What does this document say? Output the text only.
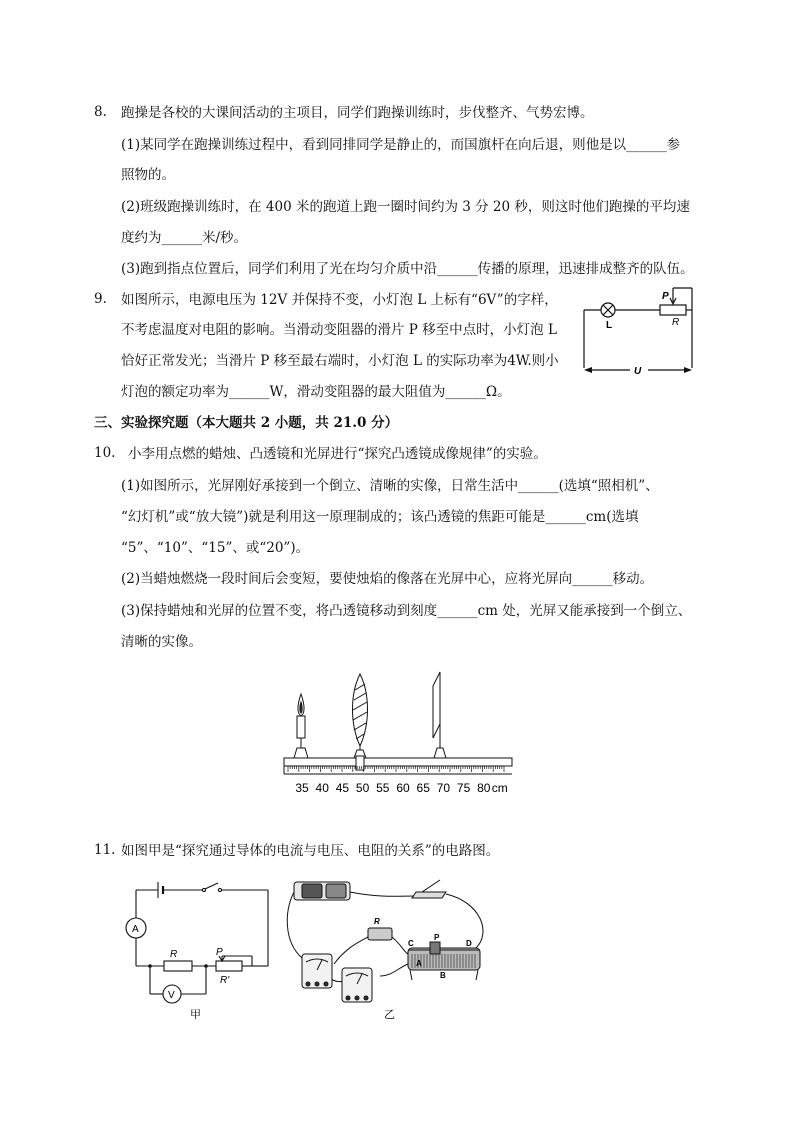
8. 跑操是各校的大课间活动的主项目，同学们跑操训练时，步伐整齐、气势宏博。
(1)某同学在跑操训练过程中，看到同排同学是静止的，而国旗杆在向后退，则他是以______参
照物的。
(2)班级跑操训练时，在 400 米的跑道上跑一圈时间约为 3 分 20 秒，则这时他们跑操的平均速
度约为______米/秒。
(3)跑到指点位置后，同学们利用了光在均匀介质中沿______传播的原理，迅速排成整齐的队伍。
9. 如图所示，电源电压为 12V 并保持不变，小灯泡 L 上标有“6V”的字样，
不考虑温度对电阻的影响。当滑动变阻器的滑片 P 移至中点时，小灯泡 L
恰好正常发光；当滑片 P 移至最右端时，小灯泡 L 的实际功率为4W.则小
灯泡的额定功率为______W，滑动变阻器的最大阻值为______Ω。
P
R
L
U
三、实验探究题（本大题共 2 小题，共 21.0 分）
10. 小李用点燃的蜡烛、凸透镜和光屏进行“探究凸透镜成像规律”的实验。
(1)如图所示，光屏刚好承接到一个倒立、清晰的实像，日常生活中______(选填“照相机”、
“幻灯机”或“放大镜”)就是利用这一原理制成的；该凸透镜的焦距可能是______cm(选填
“5”、“10”、“15”、或“20”)。
(2)当蜡烛燃烧一段时间后会变短，要使烛焰的像落在光屏中心，应将光屏向______移动。
(3)保持蜡烛和光屏的位置不变，将凸透镜移动到刻度______cm 处，光屏又能承接到一个倒立、
清晰的实像。
35 40 45 50 55 60 65 70 75 80 cm
11. 如图甲是“探究通过导体的电流与电压、电阻的关系”的电路图。
A
V
R	P
R'
甲
R
C	D
P
A
B
乙
